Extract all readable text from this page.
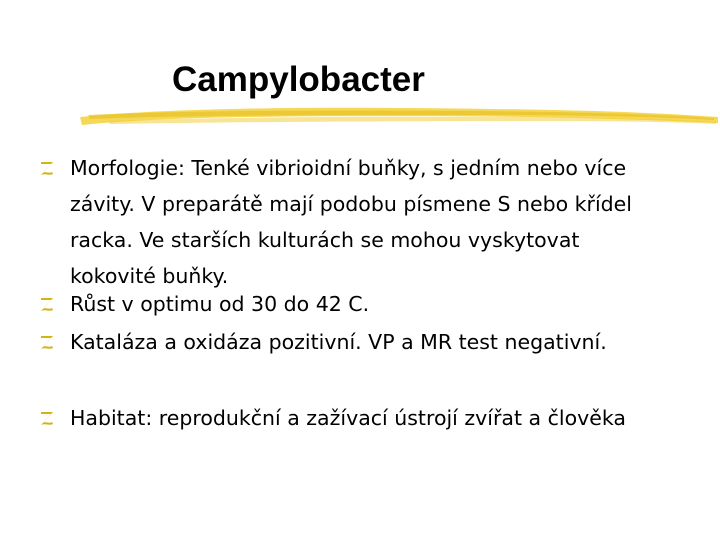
Campylobacter
Morfologie: Tenké vibrioidní buňky, s jedním nebo více závity. V preparátě mají podobu písmene S nebo křídel racka. Ve starších kulturách se mohou vyskytovat kokovité buňky.
Růst v optimu od 30 do 42 C.
Kataláza a oxidáza pozitivní. VP a MR test negativní.
Habitat: reprodukční a zažívací ústrojí zvířat a člověka
